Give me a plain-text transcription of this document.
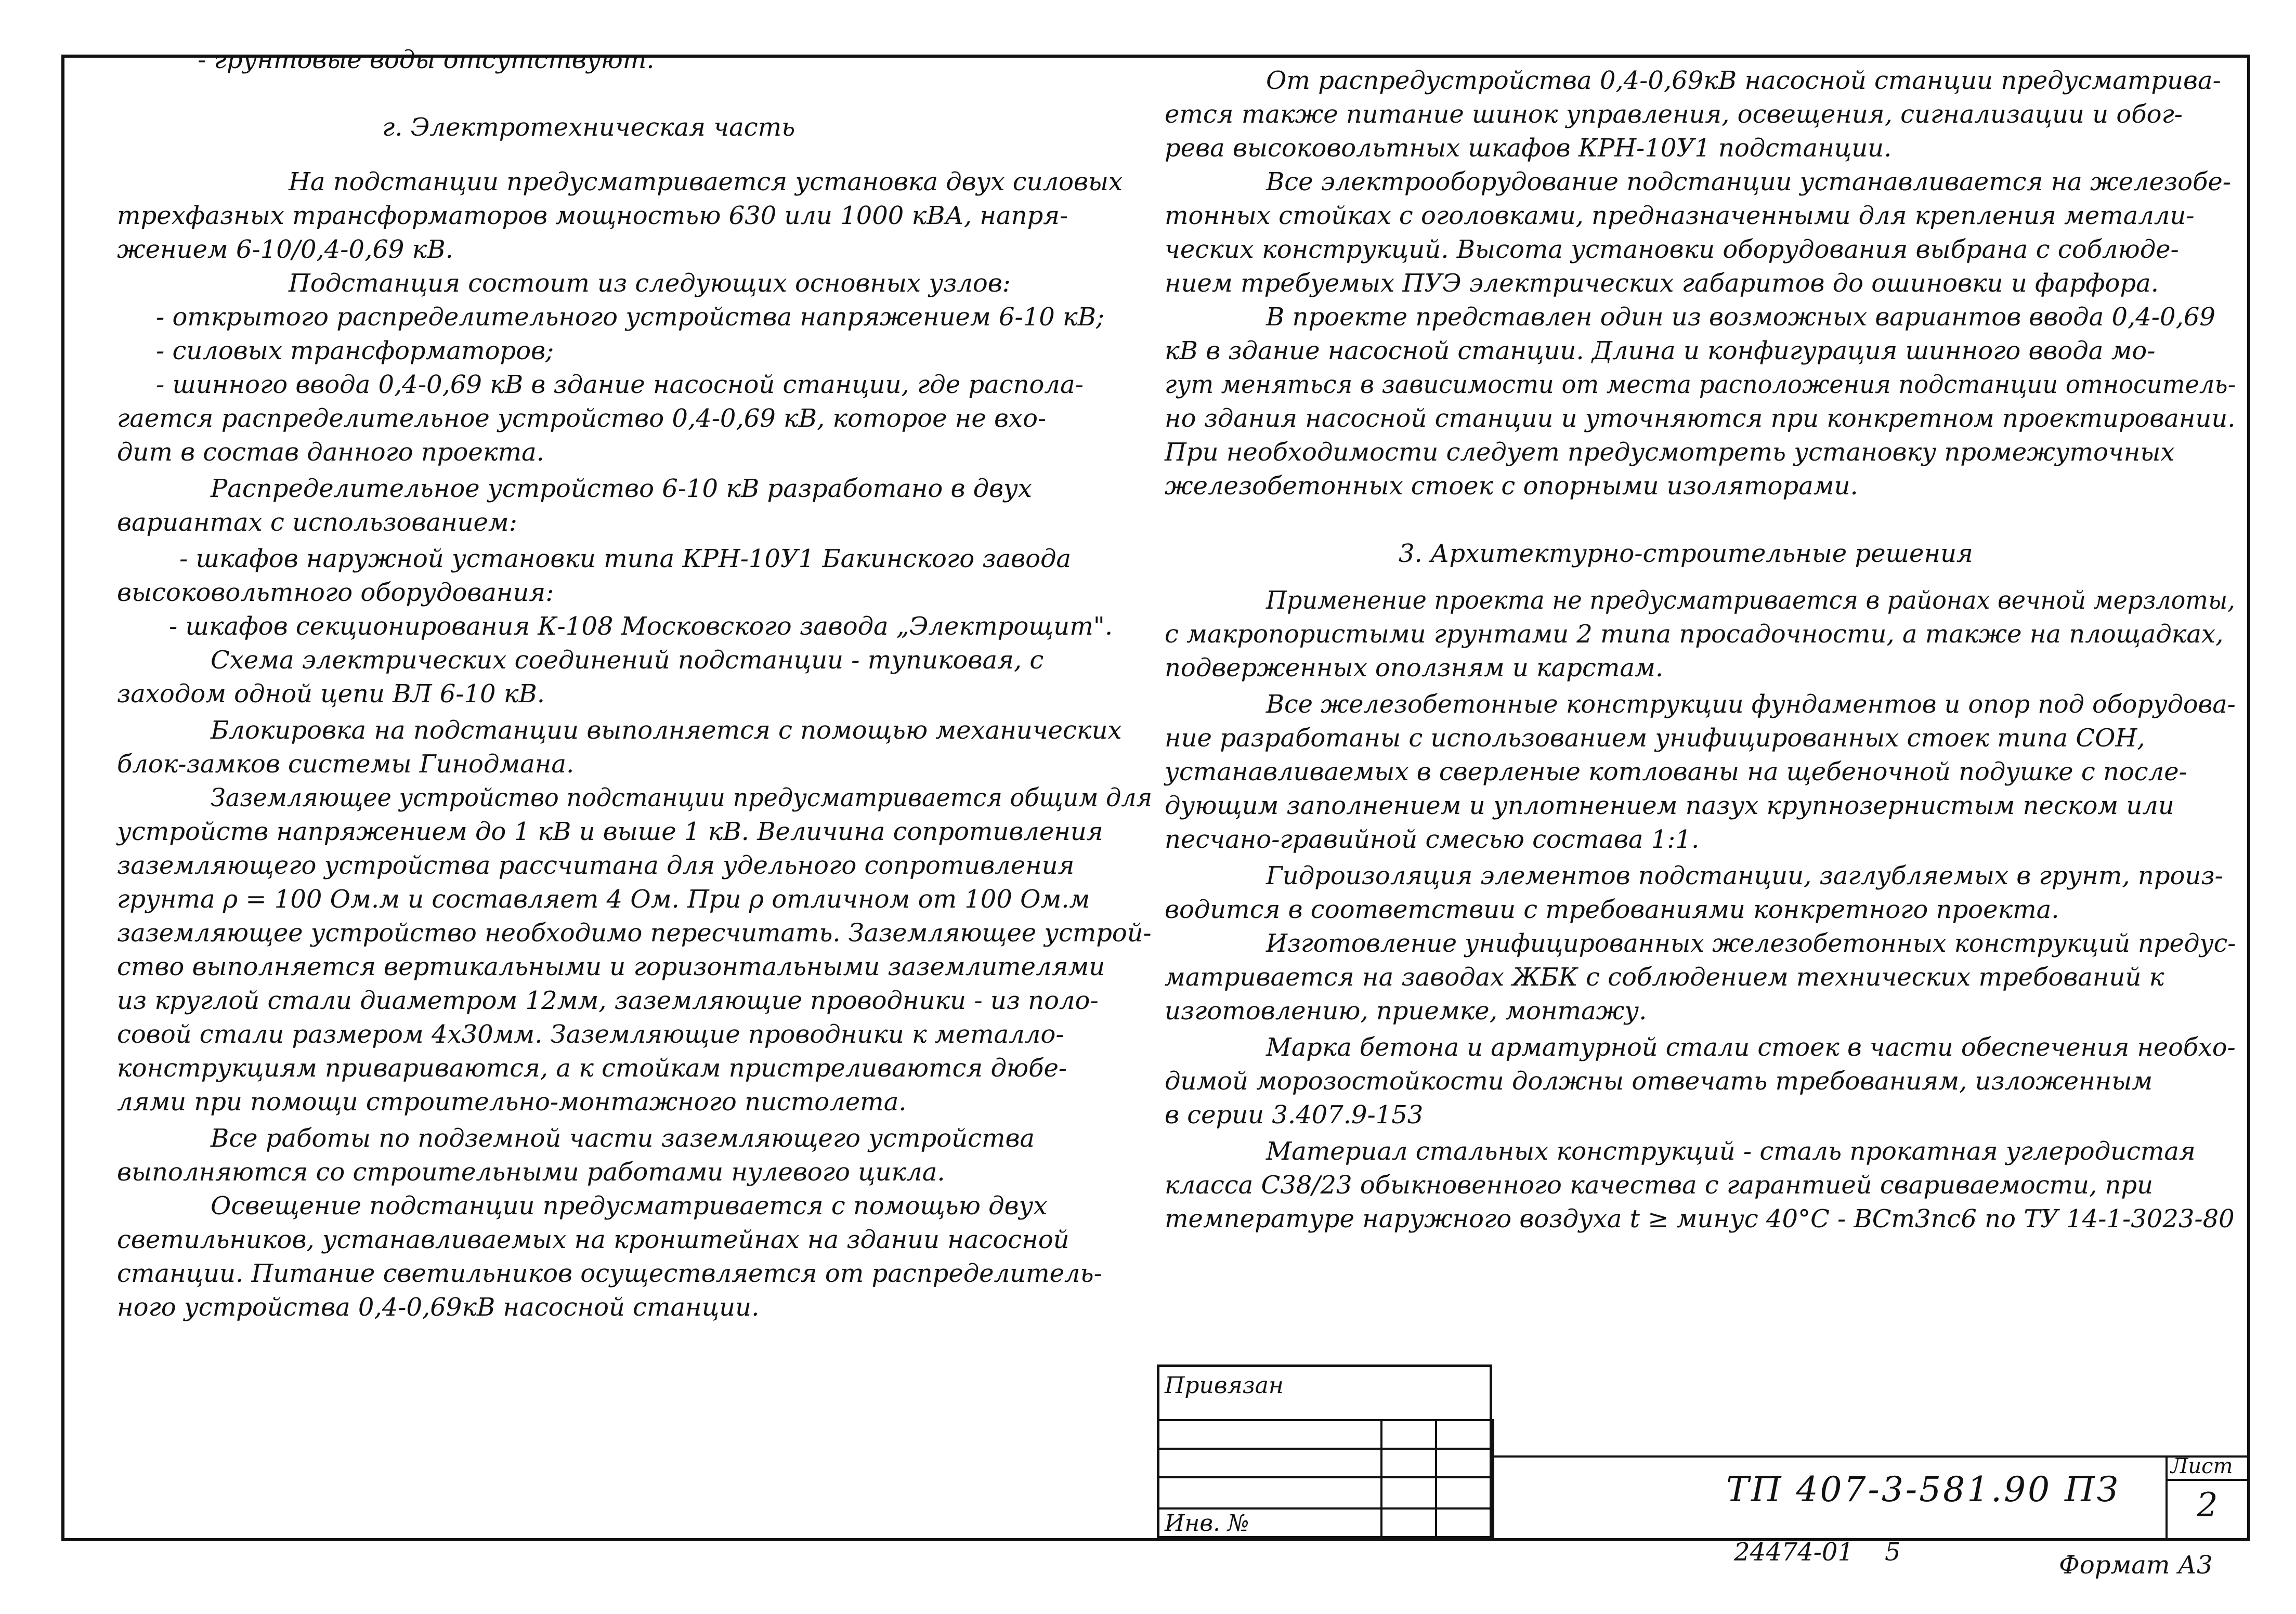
- грунтовые воды отсутствуют.
г. Электротехническая часть
На подстанции предусматривается установка двух силовых
трехфазных трансформаторов мощностью 630 или 1000 кВА, напря-
жением 6-10/0,4-0,69 кВ.
Подстанция состоит из следующих основных узлов:
- открытого распределительного устройства напряжением 6-10 кВ;
- силовых трансформаторов;
- шинного ввода 0,4-0,69 кВ в здание насосной станции, где распола-
гается распределительное устройство 0,4-0,69 кВ, которое не вхо-
дит в состав данного проекта.
Распределительное устройство 6-10 кВ разработано в двух
вариантах с использованием:
- шкафов наружной установки типа КРН-10У1 Бакинского завода
высоковольтного оборудования:
- шкафов секционирования К-108 Московского завода „Электрощит".
Схема электрических соединений подстанции - тупиковая, с
заходом одной цепи ВЛ 6-10 кВ.
Блокировка на подстанции выполняется с помощью механических
блок-замков системы Гинодмана.
Заземляющее устройство подстанции предусматривается общим для
устройств напряжением до 1 кВ и выше 1 кВ. Величина сопротивления
заземляющего устройства рассчитана для удельного сопротивления
грунта ρ = 100 Ом.м и составляет 4 Ом. При ρ отличном от 100 Ом.м
заземляющее устройство необходимо пересчитать. Заземляющее устрой-
ство выполняется вертикальными и горизонтальными заземлителями
из круглой стали диаметром 12мм, заземляющие проводники - из поло-
совой стали размером 4х30мм. Заземляющие проводники к металло-
конструкциям привариваются, а к стойкам пристреливаются дюбе-
лями при помощи строительно-монтажного пистолета.
Все работы по подземной части заземляющего устройства
выполняются со строительными работами нулевого цикла.
Освещение подстанции предусматривается с помощью двух
светильников, устанавливаемых на кронштейнах на здании насосной
станции. Питание светильников осуществляется от распределитель-
ного устройства 0,4-0,69кВ насосной станции.
От распредустройства 0,4-0,69кВ насосной станции предусматрива-
ется также питание шинок управления, освещения, сигнализации и обог-
рева высоковольтных шкафов КРН-10У1 подстанции.
Все электрооборудование подстанции устанавливается на железобе-
тонных стойках с оголовками, предназначенными для крепления металли-
ческих конструкций. Высота установки оборудования выбрана с соблюде-
нием требуемых ПУЭ электрических габаритов до ошиновки и фарфора.
В проекте представлен один из возможных вариантов ввода 0,4-0,69
кВ в здание насосной станции. Длина и конфигурация шинного ввода мо-
гут меняться в зависимости от места расположения подстанции относитель-
но здания насосной станции и уточняются при конкретном проектировании.
При необходимости следует предусмотреть установку промежуточных
железобетонных стоек с опорными изоляторами.
3. Архитектурно-строительные решения
Применение проекта не предусматривается в районах вечной мерзлоты,
с макропористыми грунтами 2 типа просадочности, а также на площадках,
подверженных оползням и карстам.
Все железобетонные конструкции фундаментов и опор под оборудова-
ние разработаны с использованием унифицированных стоек типа СОН,
устанавливаемых в сверленые котлованы на щебеночной подушке с после-
дующим заполнением и уплотнением пазух крупнозернистым песком или
песчано-гравийной смесью состава 1:1.
Гидроизоляция элементов подстанции, заглубляемых в грунт, произ-
водится в соответствии с требованиями конкретного проекта.
Изготовление унифицированных железобетонных конструкций предус-
матривается на заводах ЖБК с соблюдением технических требований к
изготовлению, приемке, монтажу.
Марка бетона и арматурной стали стоек в части обеспечения необхо-
димой морозостойкости должны отвечать требованиям, изложенным
в серии 3.407.9-153
Материал стальных конструкций - сталь прокатная углеродистая
класса С38/23 обыкновенного качества с гарантией свариваемости, при
температуре наружного воздуха t ≥ минус 40°С - ВСт3пс6 по ТУ 14-1-3023-80
Привязан
Инв. №
ТП 407-3-581.90 ПЗ
Лист
2
24474-01 5	Формат А3
